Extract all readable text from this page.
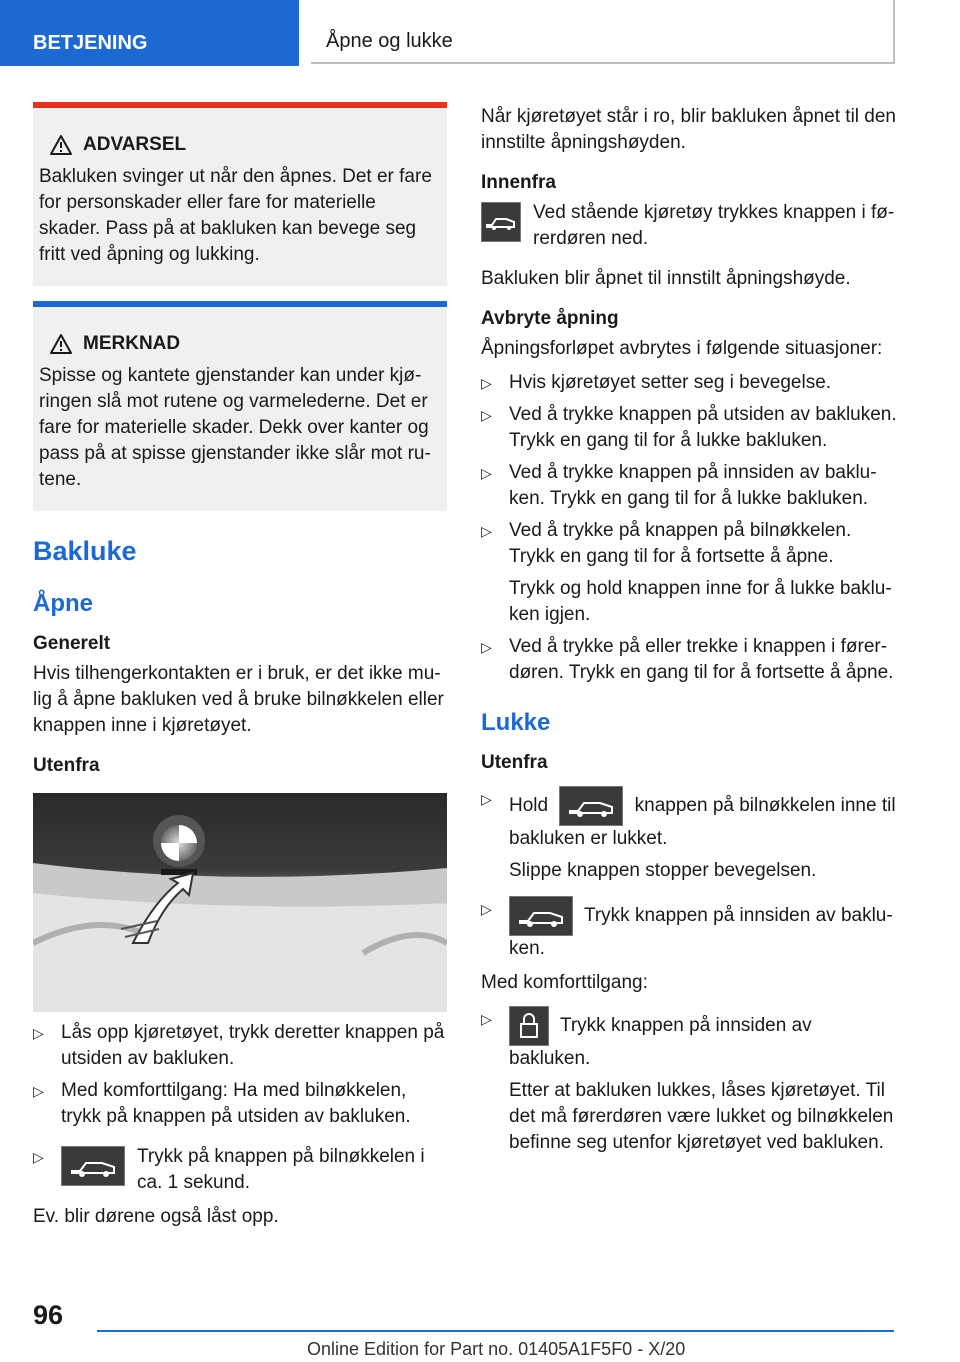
BETJENING	Åpne og lukke
ADVARSEL

Bakluken svinger ut når den åpnes. Det er fare for personskader eller fare for materielle skader. Pass på at bakluken kan bevege seg fritt ved åpning og lukking.

MERKNAD

Spisse og kantete gjenstander kan under kjø-ringen slå mot rutene og varmelederne. Det er fare for materielle skader. Dekk over kanter og pass på at spisse gjenstander ikke slår mot ru-tene.

Bakluke
Åpne
Generelt

Hvis tilhengerkontakten er i bruk, er det ikke mu-lig å åpne bakluken ved å bruke bilnøkkelen eller knappen inne i kjøretøyet.

Utenfra
▷ Lås opp kjøretøyet, trykk deretter knappen på utsiden av bakluken.
▷ Med komforttilgang: Ha med bilnøkkelen, trykk på knappen på utsiden av bakluken.
▷ Trykk på knappen på bilnøkkelen i ca. 1 sekund.

Ev. blir dørene også låst opp.

Når kjøretøyet står i ro, blir bakluken åpnet til den innstilte åpningshøyden.

Innenfra
Ved stående kjøretøy trykkes knappen i fø-rerdøren ned.

Bakluken blir åpnet til innstilt åpningshøyde.

Avbryte åpning

Åpningsforløpet avbrytes i følgende situasjoner:

▷ Hvis kjøretøyet setter seg i bevegelse.
▷ Ved å trykke knappen på utsiden av bakluken. Trykk en gang til for å lukke bakluken.
▷ Ved å trykke knappen på innsiden av baklu-ken. Trykk en gang til for å lukke bakluken.
▷ Ved å trykke på knappen på bilnøkkelen. Trykk en gang til for å fortsette å åpne.
Trykk og hold knappen inne for å lukke baklu-ken igjen.
▷ Ved å trykke på eller trekke i knappen i fører- døren. Trykk en gang til for å fortsette å åpne.
Lukke
Utenfra
▷ Hold	knappen på bilnøkkelen inne til bakluken er lukket.
Slippe knappen stopper bevegelsen.
▷ Trykk knappen på innsiden av baklu-ken.

Med komforttilgang:

▷ Trykk knappen på innsiden av bakluken.
Etter at bakluken lukkes, låses kjøretøyet. Til det må førerdøren være lukket og bilnøkkelen befinne seg utenfor kjøretøyet ved bakluken.
96
Online Edition for Part no. 01405A1F5F0 - X/20
